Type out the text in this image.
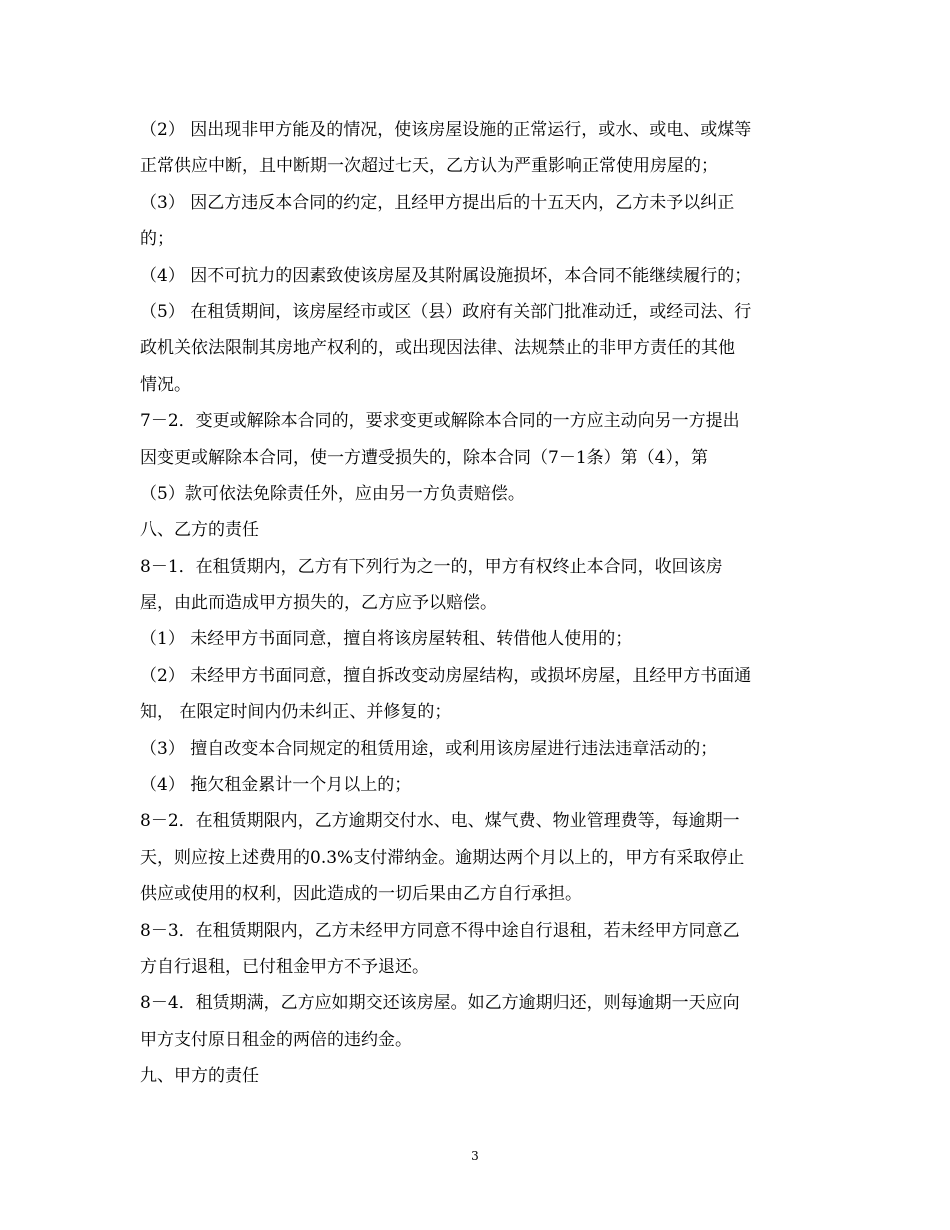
（2） 因出现非甲方能及的情况，使该房屋设施的正常运行，或水、或电、或煤等
正常供应中断，且中断期一次超过七天，乙方认为严重影响正常使用房屋的；
（3） 因乙方违反本合同的约定，且经甲方提出后的十五天内，乙方未予以纠正
的；
（4） 因不可抗力的因素致使该房屋及其附属设施损坏，本合同不能继续履行的；
（5） 在租赁期间，该房屋经市或区（县）政府有关部门批准动迁，或经司法、行
政机关依法限制其房地产权利的，或出现因法律、法规禁止的非甲方责任的其他
情况。
7－2．变更或解除本合同的，要求变更或解除本合同的一方应主动向另一方提出
因变更或解除本合同，使一方遭受损失的，除本合同（7－1条）第（4），第
（5）款可依法免除责任外，应由另一方负责赔偿。
八、乙方的责任
8－1．在租赁期内，乙方有下列行为之一的，甲方有权终止本合同，收回该房
屋，由此而造成甲方损失的，乙方应予以赔偿。
（1） 未经甲方书面同意，擅自将该房屋转租、转借他人使用的；
（2） 未经甲方书面同意，擅自拆改变动房屋结构，或损坏房屋，且经甲方书面通
知， 在限定时间内仍未纠正、并修复的；
（3） 擅自改变本合同规定的租赁用途，或利用该房屋进行违法违章活动的；
（4） 拖欠租金累计一个月以上的；
8－2．在租赁期限内，乙方逾期交付水、电、煤气费、物业管理费等，每逾期一
天，则应按上述费用的0.3%支付滞纳金。逾期达两个月以上的，甲方有采取停止
供应或使用的权利，因此造成的一切后果由乙方自行承担。
8－3．在租赁期限内，乙方未经甲方同意不得中途自行退租，若未经甲方同意乙
方自行退租，已付租金甲方不予退还。
8－4．租赁期满，乙方应如期交还该房屋。如乙方逾期归还，则每逾期一天应向
甲方支付原日租金的两倍的违约金。
九、甲方的责任
3
